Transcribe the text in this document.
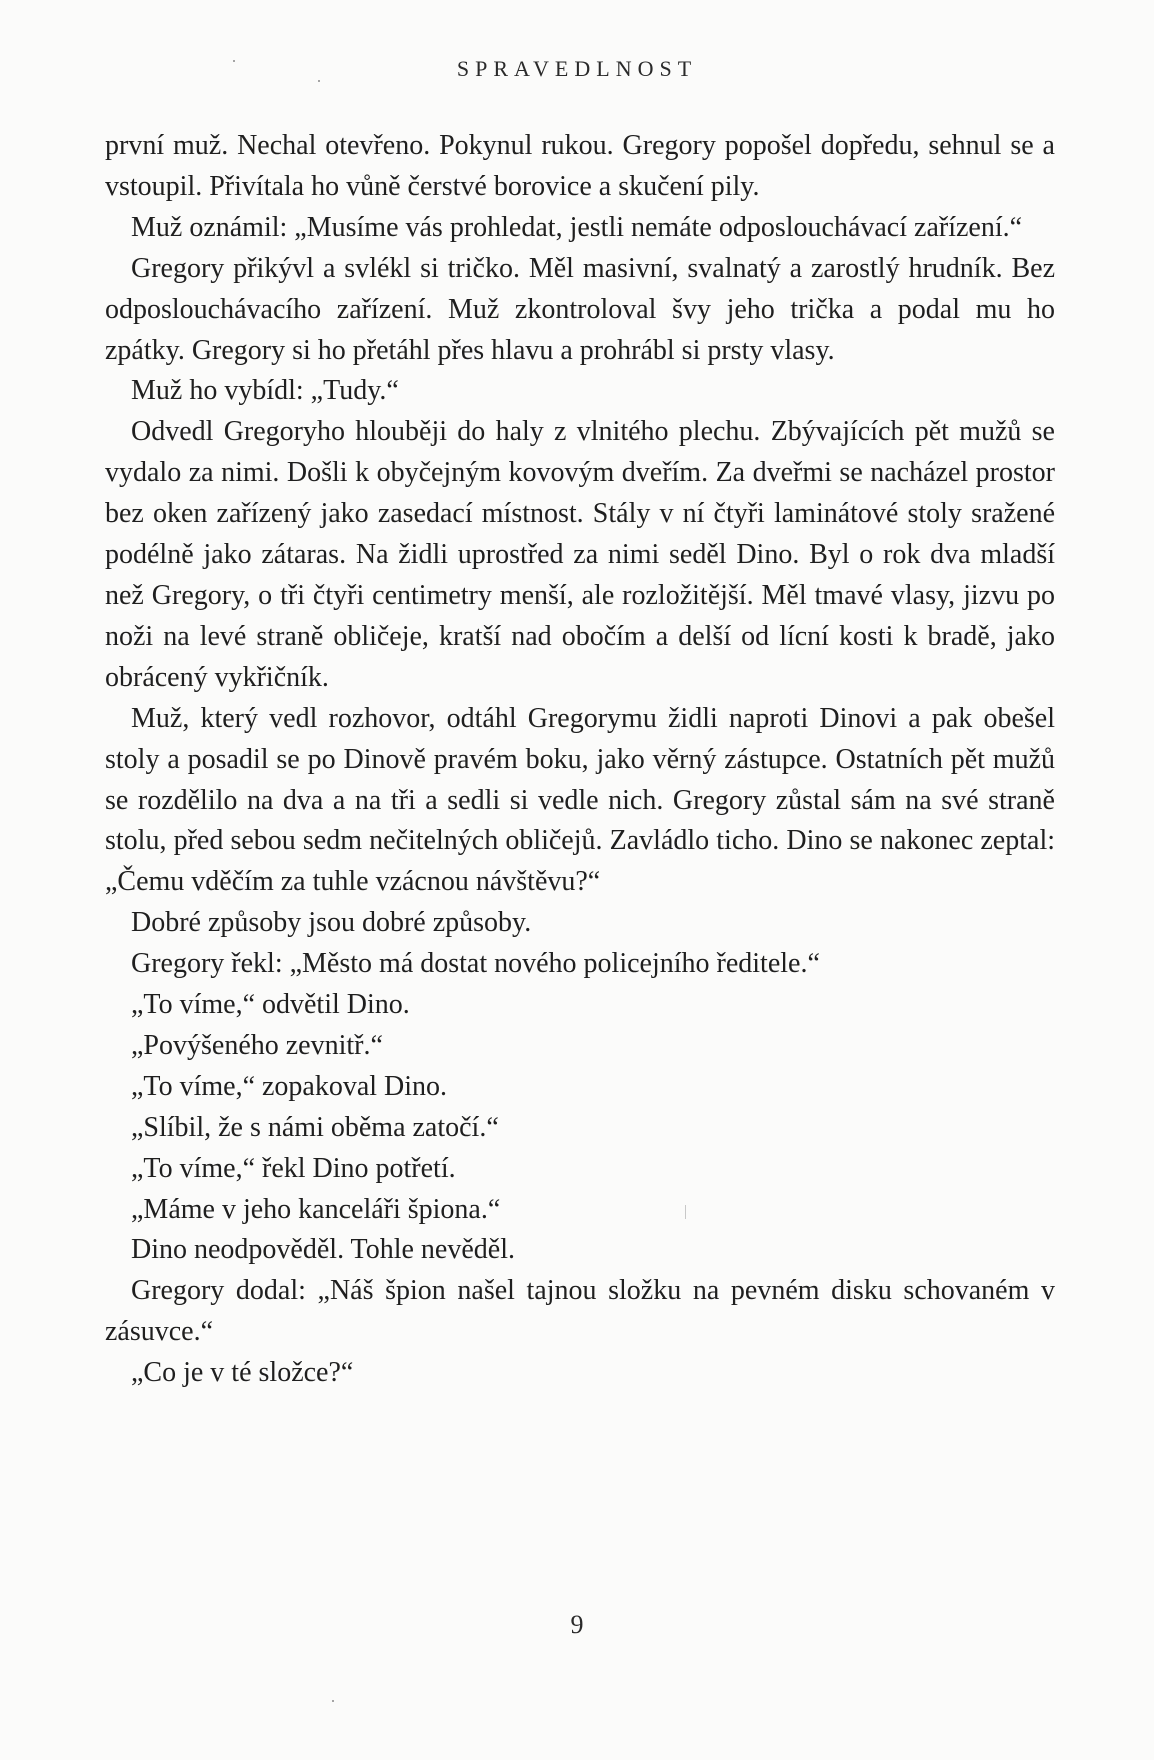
SPRAVEDLNOST

první muž. Nechal otevřeno. Pokynul rukou. Gregory popošel dopředu, sehnul se a vstoupil. Přivítala ho vůně čerstvé borovice a skučení pily.

Muž oznámil: „Musíme vás prohledat, jestli nemáte odposlouchávací zařízení.“

Gregory přikývl a svlékl si tričko. Měl masivní, svalnatý a zarostlý hrudník. Bez odposlouchávacího zařízení. Muž zkontroloval švy jeho trička a podal mu ho zpátky. Gregory si ho přetáhl přes hlavu a prohrábl si prsty vlasy.

Muž ho vybídl: „Tudy.“

Odvedl Gregoryho hlouběji do haly z vlnitého plechu. Zbývajících pět mužů se vydalo za nimi. Došli k obyčejným kovovým dveřím. Za dveřmi se nacházel prostor bez oken zařízený jako zasedací místnost. Stály v ní čtyři laminátové stoly sražené podélně jako zátaras. Na židli uprostřed za nimi seděl Dino. Byl o rok dva mladší než Gregory, o tři čtyři centimetry menší, ale rozložitější. Měl tmavé vlasy, jizvu po noži na levé straně obličeje, kratší nad obočím a delší od lícní kosti k bradě, jako obrácený vykřičník.

Muž, který vedl rozhovor, odtáhl Gregorymu židli naproti Dinovi a pak obešel stoly a posadil se po Dinově pravém boku, jako věrný zástupce. Ostatních pět mužů se rozdělilo na dva a na tři a sedli si vedle nich. Gregory zůstal sám na své straně stolu, před sebou sedm nečitelných obličejů. Zavládlo ticho. Dino se nakonec zeptal: „Čemu vděčím za tuhle vzácnou návštěvu?“

Dobré způsoby jsou dobré způsoby.

Gregory řekl: „Město má dostat nového policejního ředitele.“

„To víme,“ odvětil Dino.

„Povýšeného zevnitř.“

„To víme,“ zopakoval Dino.

„Slíbil, že s námi oběma zatočí.“

„To víme,“ řekl Dino potřetí.

„Máme v jeho kanceláři špiona.“

Dino neodpověděl. Tohle nevěděl.

Gregory dodal: „Náš špion našel tajnou složku na pevném disku schovaném v zásuvce.“

„Co je v té složce?“

9
